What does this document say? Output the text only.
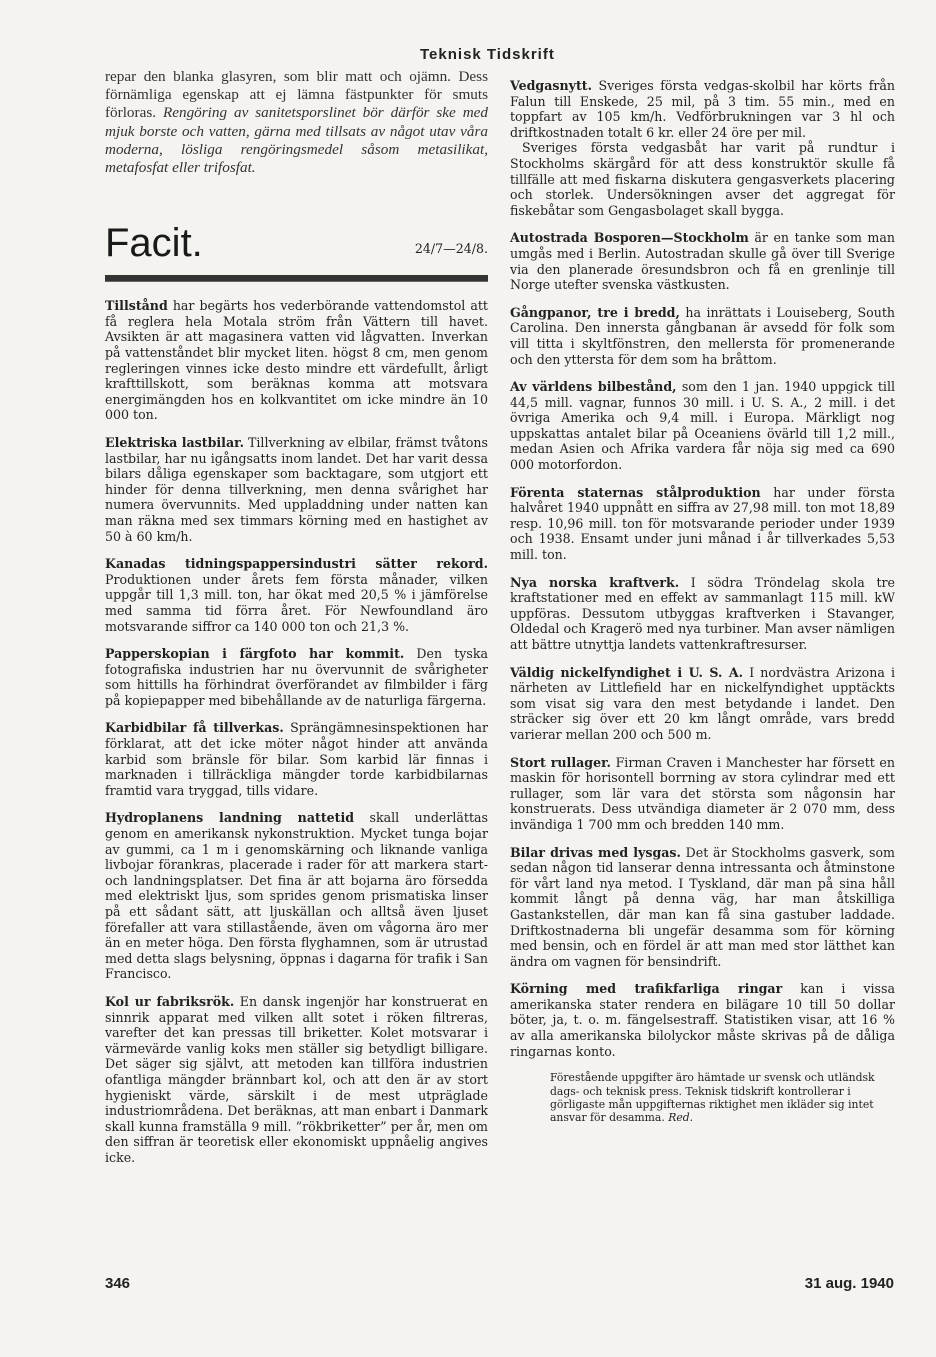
Teknisk Tidskrift
repar den blanka glasyren, som blir matt och ojämn. Dess förnämliga egenskap att ej lämna fästpunkter för smuts förloras. Rengöring av sanitetsporslinet bör därför ske med mjuk borste och vatten, gärna med tillsats av något utav våra moderna, lösliga rengöringsmedel såsom metasilikat, metafosfat eller trifosfat.
Facit.	24/7—24/8.

Tillstånd har begärts hos vederbörande vattendomstol att få reglera hela Motala ström från Vättern till havet. Avsikten är att magasinera vatten vid lågvatten. Inverkan på vattenståndet blir mycket liten. högst 8 cm, men genom regleringen vinnes icke desto mindre ett värdefullt, årligt krafttillskott, som beräknas komma att motsvara energimängden hos en kolkvantitet om icke mindre än 10 000 ton.

Elektriska lastbilar. Tillverkning av elbilar, främst tvåtons lastbilar, har nu igångsatts inom landet. Det har varit dessa bilars dåliga egenskaper som backtagare, som utgjort ett hinder för denna tillverkning, men denna svårighet har numera övervunnits. Med uppladdning under natten kan man räkna med sex timmars körning med en hastighet av 50 à 60 km/h.

Kanadas tidningspappersindustri sätter rekord. Produktionen under årets fem första månader, vilken uppgår till 1,3 mill. ton, har ökat med 20,5 % i jämförelse med samma tid förra året. För Newfoundland äro motsvarande siffror ca 140 000 ton och 21,3 %.

Papperskopian i färgfoto har kommit. Den tyska fotografiska industrien har nu övervunnit de svårigheter som hittills ha förhindrat överförandet av filmbilder i färg på kopiepapper med bibehållande av de naturliga färgerna.

Karbidbilar få tillverkas. Sprängämnesinspektionen har förklarat, att det icke möter något hinder att använda karbid som bränsle för bilar. Som karbid lär finnas i marknaden i tillräckliga mängder torde karbidbilarnas framtid vara tryggad, tills vidare.

Hydroplanens landning nattetid skall underlättas genom en amerikansk nykonstruktion. Mycket tunga bojar av gummi, ca 1 m i genomskärning och liknande vanliga livbojar förankras, placerade i rader för att markera start- och landningsplatser. Det fina är att bojarna äro försedda med elektriskt ljus, som sprides genom prismatiska linser på ett sådant sätt, att ljuskällan och alltså även ljuset förefaller att vara stillastående, även om vågorna äro mer än en meter höga. Den första flyghamnen, som är utrustad med detta slags belysning, öppnas i dagarna för trafik i San Francisco.

Kol ur fabriksrök. En dansk ingenjör har konstruerat en sinnrik apparat med vilken allt sotet i röken filtreras, varefter det kan pressas till briketter. Kolet motsvarar i värmevärde vanlig koks men ställer sig betydligt billigare. Det säger sig självt, att metoden kan tillföra industrien ofantliga mängder brännbart kol, och att den är av stort hygieniskt värde, särskilt i de mest utpräglade industriområdena. Det beräknas, att man enbart i Danmark skall kunna framställa 9 mill. ”rökbriketter” per år, men om den siffran är teoretisk eller ekonomiskt uppnåelig angives icke.

Vedgasnytt. Sveriges första vedgas-skolbil har körts från Falun till Enskede, 25 mil, på 3 tim. 55 min., med en toppfart av 105 km/h. Vedförbrukningen var 3 hl och driftkostnaden totalt 6 kr. eller 24 öre per mil.

Sveriges första vedgasbåt har varit på rundtur i Stockholms skärgård för att dess konstruktör skulle få tillfälle att med fiskarna diskutera gengasverkets placering och storlek. Undersökningen avser det aggregat för fiskebåtar som Gengasbolaget skall bygga.

Autostrada Bosporen—Stockholm är en tanke som man umgås med i Berlin. Autostradan skulle gå över till Sverige via den planerade öresundsbron och få en grenlinje till Norge utefter svenska västkusten.

Gångpanor, tre i bredd, ha inrättats i Louiseberg, South Carolina. Den innersta gångbanan är avsedd för folk som vill titta i skyltfönstren, den mellersta för promenerande och den yttersta för dem som ha bråttom.

Av världens bilbestånd, som den 1 jan. 1940 uppgick till 44,5 mill. vagnar, funnos 30 mill. i U. S. A., 2 mill. i det övriga Amerika och 9,4 mill. i Europa. Märkligt nog uppskattas antalet bilar på Oceaniens övärld till 1,2 mill., medan Asien och Afrika vardera får nöja sig med ca 690 000 motorfordon.

Förenta staternas stålproduktion har under första halvåret 1940 uppnått en siffra av 27,98 mill. ton mot 18,89 resp. 10,96 mill. ton för motsvarande perioder under 1939 och 1938. Ensamt under juni månad i år tillverkades 5,53 mill. ton.

Nya norska kraftverk. I södra Tröndelag skola tre kraftstationer med en effekt av sammanlagt 115 mill. kW uppföras. Dessutom utbyggas kraftverken i Stavanger, Oldedal och Kragerö med nya turbiner. Man avser nämligen att bättre utnyttja landets vattenkraftresurser.

Väldig nickelfyndighet i U. S. A. I nordvästra Arizona i närheten av Littlefield har en nickelfyndighet upptäckts som visat sig vara den mest betydande i landet. Den sträcker sig över ett 20 km långt område, vars bredd varierar mellan 200 och 500 m.

Stort rullager. Firman Craven i Manchester har försett en maskin för horisontell borrning av stora cylindrar med ett rullager, som lär vara det största som någonsin har konstruerats. Dess utvändiga diameter är 2 070 mm, dess invändiga 1 700 mm och bredden 140 mm.

Bilar drivas med lysgas. Det är Stockholms gasverk, som sedan någon tid lanserar denna intressanta och åtminstone för vårt land nya metod. I Tyskland, där man på sina håll kommit långt på denna väg, har man åtskilliga Gastankstellen, där man kan få sina gastuber laddade. Driftkostnaderna bli ungefär desamma som för körning med bensin, och en fördel är att man med stor lätthet kan ändra om vagnen för bensindrift.

Körning med trafikfarliga ringar kan i vissa amerikanska stater rendera en bilägare 10 till 50 dollar böter, ja, t. o. m. fängelsestraff. Statistiken visar, att 16 % av alla amerikanska bilolyckor måste skrivas på de dåliga ringarnas konto.

Förestående uppgifter äro hämtade ur svensk och utländsk dags- och teknisk press. Teknisk tidskrift kontrollerar i görligaste mån uppgifternas riktighet men ikläder sig intet ansvar för desamma. Red.
346	31 aug. 1940
